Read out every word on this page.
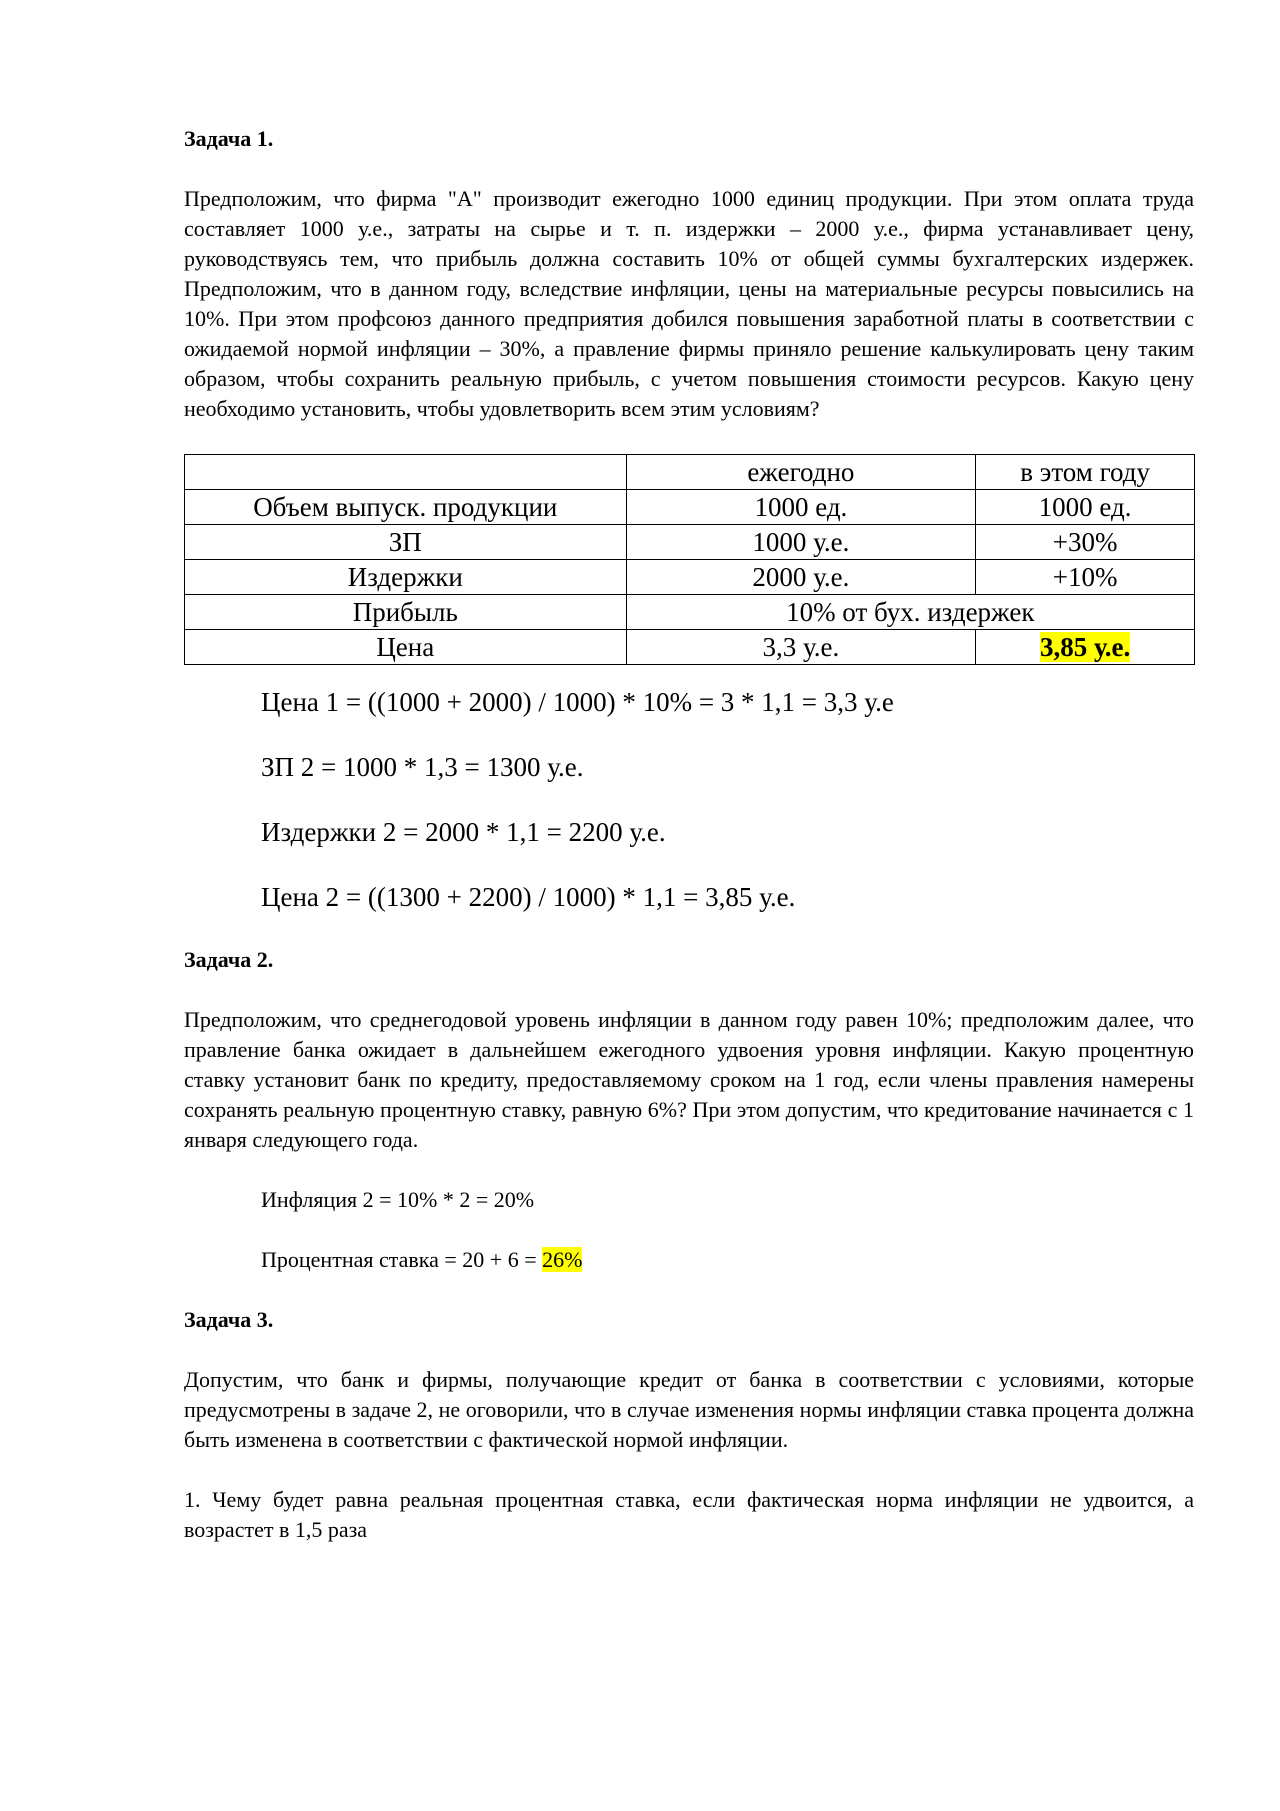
Задача 1.
Предположим, что фирма "А" производит ежегодно 1000 единиц продукции. При этом оплата труда составляет 1000 у.е., затраты на сырье и т. п. издержки – 2000 у.е., фирма устанавливает цену, руководствуясь тем, что прибыль должна составить 10% от общей суммы бухгалтерских издержек. Предположим, что в данном году, вследствие инфляции, цены на материальные ресурсы повысились на 10%. При этом профсоюз данного предприятия добился повышения заработной платы в соответствии с ожидаемой нормой инфляции – 30%, а правление фирмы приняло решение калькулировать цену таким образом, чтобы сохранить реальную прибыль, с учетом повышения стоимости ресурсов. Какую цену необходимо установить, чтобы удовлетворить всем этим условиям?
	ежегодно	в этом году
Объем выпуск. продукции	1000 ед.	1000 ед.
ЗП	1000 у.е.	+30%
Издержки	2000 у.е.	+10%
Прибыль	10% от бух. издержек	
Цена	3,3 у.е.	3,85 у.е.
Цена 1 = ((1000 + 2000) / 1000) * 10% = 3 * 1,1 = 3,3 у.е
ЗП 2 = 1000 * 1,3 = 1300 у.е.
Издержки 2 = 2000 * 1,1 = 2200 у.е.
Цена 2 = ((1300 + 2200) / 1000) * 1,1 = 3,85 у.е.
Задача 2.
Предположим, что среднегодовой уровень инфляции в данном году равен 10%; предположим далее, что правление банка ожидает в дальнейшем ежегодного удвоения уровня инфляции. Какую процентную ставку установит банк по кредиту, предоставляемому сроком на 1 год, если члены правления намерены сохранять реальную процентную ставку, равную 6%? При этом допустим, что кредитование начинается с 1 января следующего года.
Инфляция 2 = 10% * 2 = 20%
Процентная ставка = 20 + 6 = 26%
Задача 3.
Допустим, что банк и фирмы, получающие кредит от банка в соответствии с условиями, которые предусмотрены в задаче 2, не оговорили, что в случае изменения нормы инфляции ставка процента должна быть изменена в соответствии с фактической нормой инфляции.
1. Чему будет равна реальная процентная ставка, если фактическая норма инфляции не удвоится, а возрастет в 1,5 раза
